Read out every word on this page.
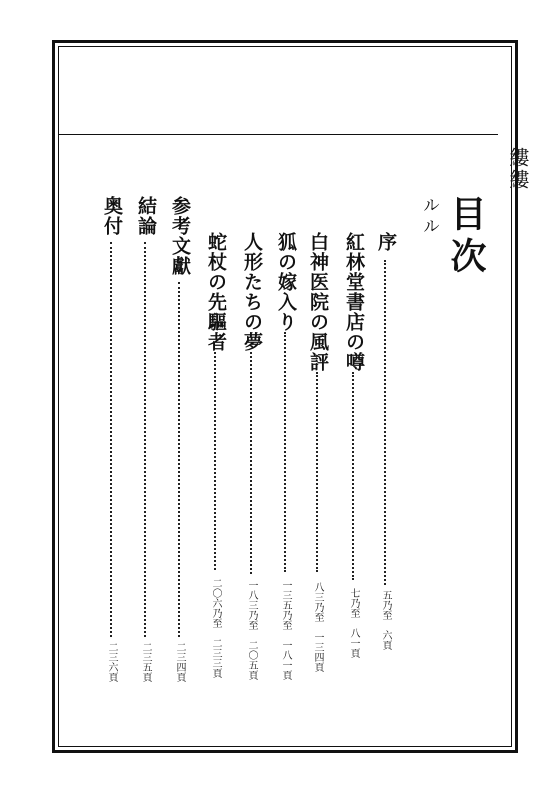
縷縷
目次
ルル
序
五乃至　六頁
紅林堂書店の噂
七乃至　八一頁
白神医院の風評
八三乃至　一三四頁
狐の嫁入り
一三五乃至　一八一頁
人形たちの夢
一八三乃至　二〇五頁
蛇杖の先驅者
二〇六乃至　二三三頁
参考文獻
二三四頁
結論
二三五頁
奥付
二三六頁
